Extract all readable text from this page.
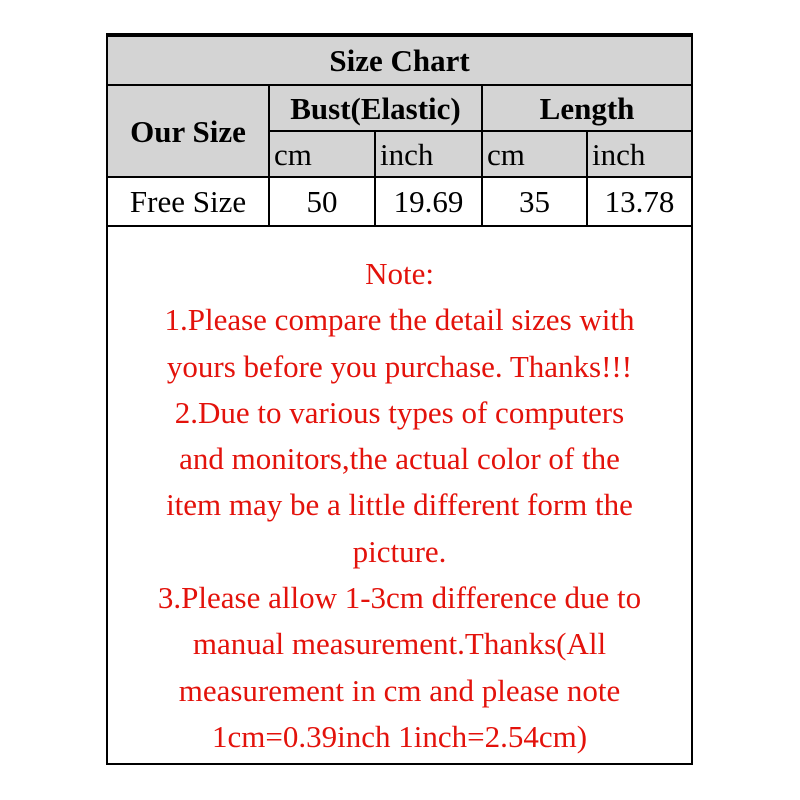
Size Chart				
Our Size	Bust(Elastic)		Length	
	cm	inch	cm	inch
Free Size	50	19.69	35	13.78
Note:
1.Please compare the detail sizes with
yours before you purchase. Thanks!!!
2.Due to various types of computers
and monitors,the actual color of the
item may be a little different form the
picture.
3.Please allow 1-3cm difference due to
manual measurement.Thanks(All
measurement in cm and please note
1cm=0.39inch 1inch=2.54cm)
